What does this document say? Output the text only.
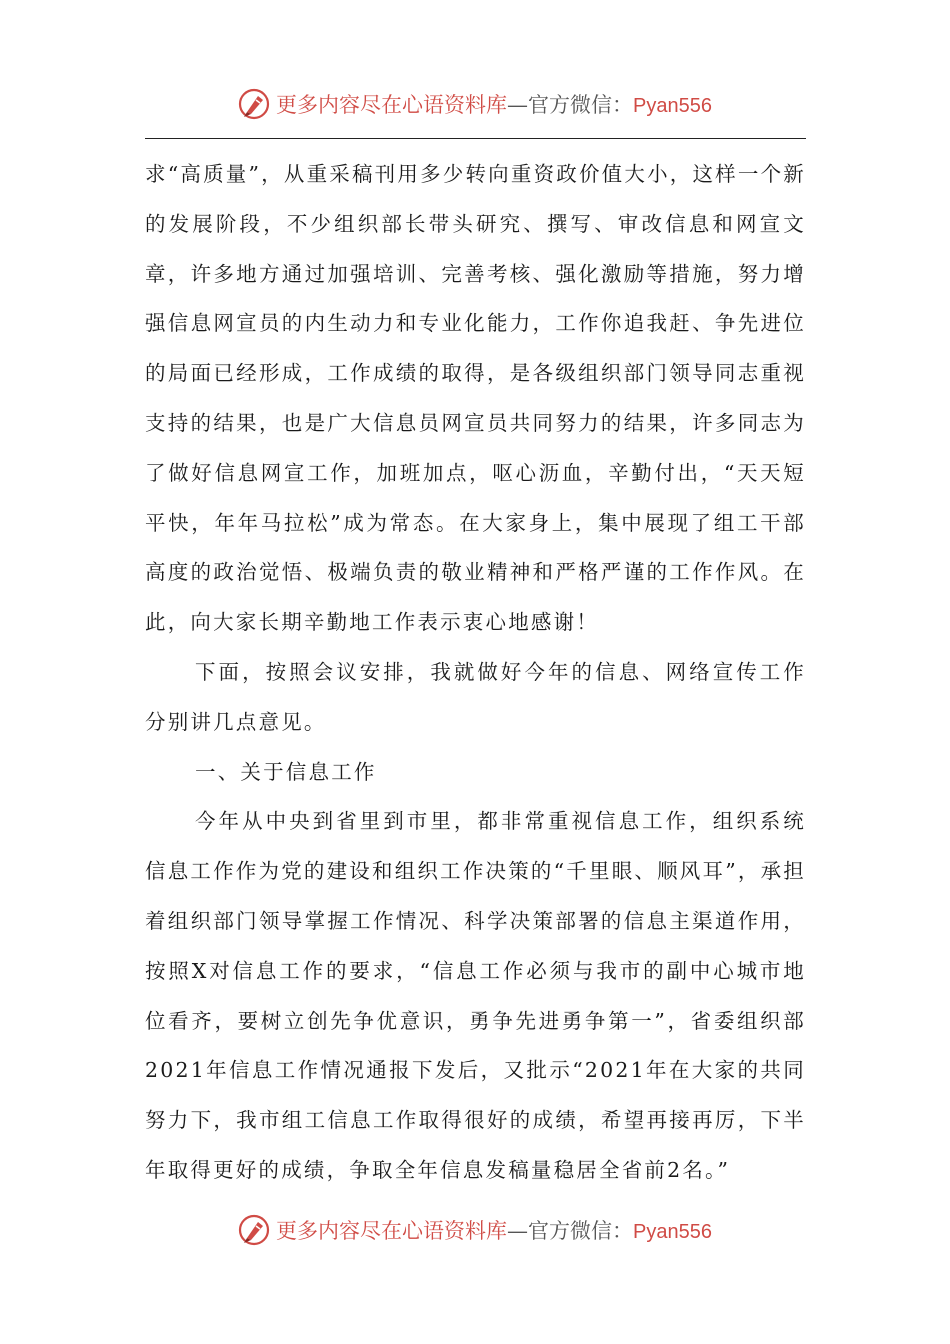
更多内容尽在心语资料库—官方微信：Pyan556

求“高质量”，从重采稿刊用多少转向重资政价值大小，这样一个新的发展阶段，不少组织部长带头研究、撰写、审改信息和网宣文章，许多地方通过加强培训、完善考核、强化激励等措施，努力增强信息网宣员的内生动力和专业化能力，工作你追我赶、争先进位的局面已经形成，工作成绩的取得，是各级组织部门领导同志重视支持的结果，也是广大信息员网宣员共同努力的结果，许多同志为了做好信息网宣工作，加班加点，呕心沥血，辛勤付出，“天天短平快，年年马拉松”成为常态。在大家身上，集中展现了组工干部高度的政治觉悟、极端负责的敬业精神和严格严谨的工作作风。在此，向大家长期辛勤地工作表示衷心地感谢！

下面，按照会议安排，我就做好今年的信息、网络宣传工作分别讲几点意见。

一、关于信息工作

今年从中央到省里到市里，都非常重视信息工作，组织系统信息工作作为党的建设和组织工作决策的“千里眼、顺风耳”，承担着组织部门领导掌握工作情况、科学决策部署的信息主渠道作用，按照X对信息工作的要求，“信息工作必须与我市的副中心城市地位看齐，要树立创先争优意识，勇争先进勇争第一”，省委组织部2021年信息工作情况通报下发后，又批示“2021年在大家的共同努力下，我市组工信息工作取得很好的成绩，希望再接再厉，下半年取得更好的成绩，争取全年信息发稿量稳居全省前2名。”

更多内容尽在心语资料库—官方微信：Pyan556
